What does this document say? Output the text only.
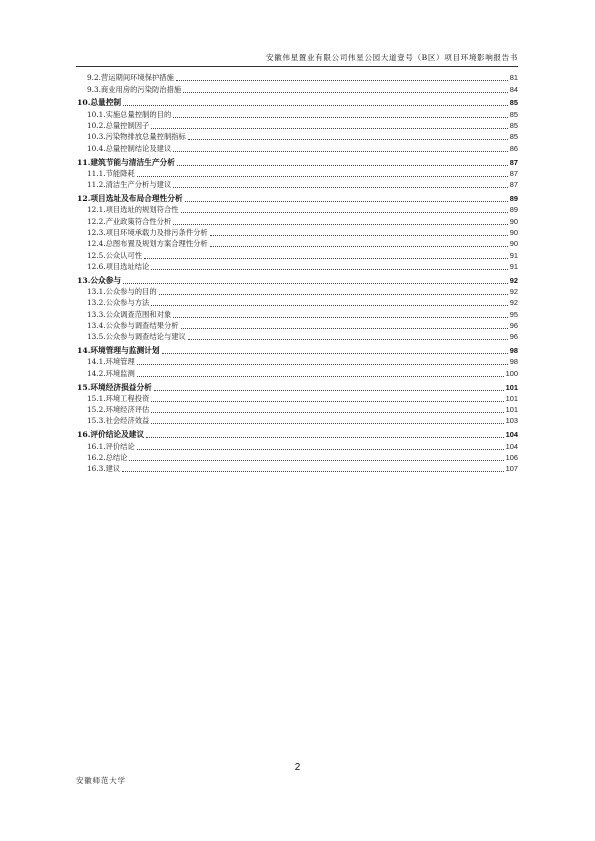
安徽伟星置业有限公司伟星公园大道壹号（B区）项目环境影响报告书
9.2.营运期间环境保护措施	81
9.3.商业用房的污染防治措施	84
10.总量控制	85
10.1.实施总量控制的目的	85
10.2.总量控制因子	85
10.3.污染物排放总量控制指标	85
10.4.总量控制结论及建议	86
11.建筑节能与清洁生产分析	87
11.1.节能降耗	87
11.2.清洁生产分析与建议	87
12.项目选址及布局合理性分析	89
12.1.项目选址的规划符合性	89
12.2.产业政策符合性分析	90
12.3.项目环境承载力及排污条件分析	90
12.4.总图布置及规划方案合理性分析	90
12.5.公众认可性	91
12.6.项目选址结论	91
13.公众参与	92
13.1.公众参与的目的	92
13.2.公众参与方法	92
13.3.公众调查范围和对象	95
13.4.公众参与调查结果分析	96
13.5.公众参与调查结论与建议	96
14.环境管理与监测计划	98
14.1.环境管理	98
14.2.环境监测	100
15.环境经济损益分析	101
15.1.环境工程投资	101
15.2.环境经济评估	101
15.3.社会经济效益	103
16.评价结论及建议	104
16.1.评价结论	104
16.2.总结论	106
16.3.建议	107
2
安徽师范大学
